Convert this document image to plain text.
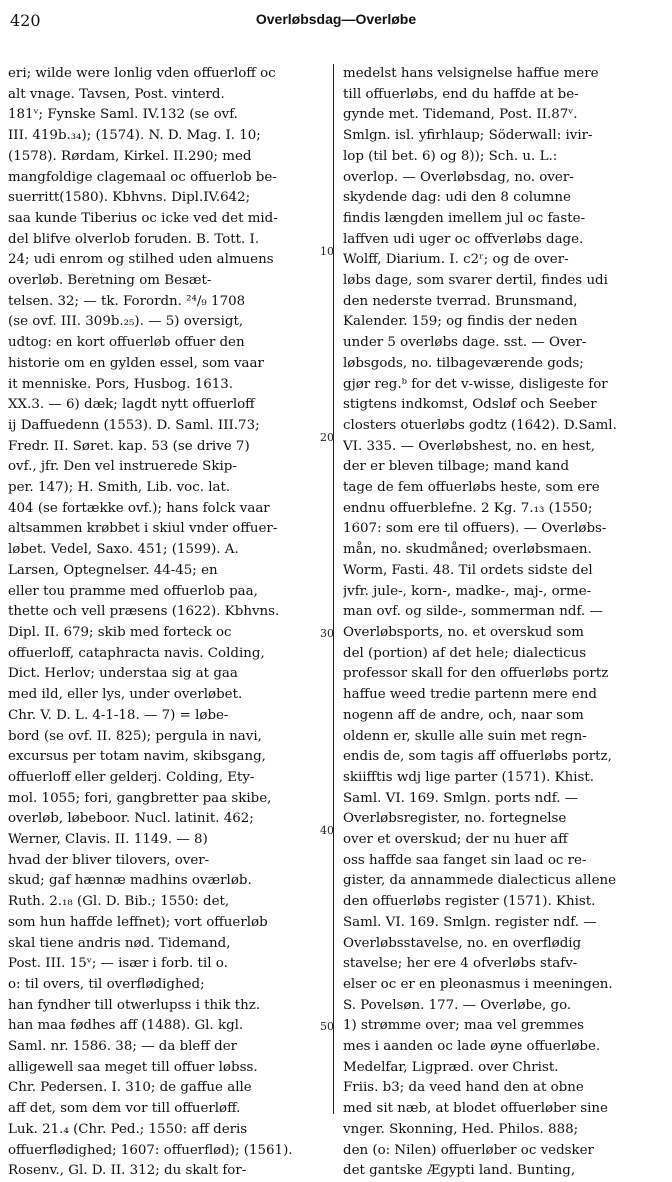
420	Overløbsdag—Overløbe
eri; wilde were lonlig vden offuerloff oc
alt vnage. Tavsen, Post. vinterd.
181ᵛ; Fynske Saml. IV.132 (se ovf.
III. 419b.₃₄); (1574). N. D. Mag. I. 10;
(1578). Rørdam, Kirkel. II.290; med
mangfoldige clagemaal oc offuerlob be-
suerritt(1580). Kbhvns. Dipl.IV.642;
saa kunde Tiberius oc icke ved det mid-
del blifve olverlob foruden. B. Tott. I.
24; udi enrom og stilhed uden almuens
overløb. Beretning om Besæt-
telsen. 32; — tk. Forordn. ²⁴/₉ 1708
(se ovf. III. 309b.₂₅). — 5) oversigt,
udtog: en kort offuerløb offuer den
historie om en gylden essel, som vaar
it menniske. Pors, Husbog. 1613.
XX.3. — 6) dæk; lagdt nytt offuerloff
ij Daffuedenn (1553). D. Saml. III.73;
Fredr. II. Søret. kap. 53 (se drive 7)
ovf., jfr. Den vel instruerede Skip-
per. 147); H. Smith, Lib. voc. lat.
404 (se fortække ovf.); hans folck vaar
altsammen krøbbet i skiul vnder offuer-
løbet. Vedel, Saxo. 451; (1599). A.
Larsen, Optegnelser. 44-45; en
eller tou pramme med offuerlob paa,
thette och vell præsens (1622). Kbhvns.
Dipl. II. 679; skib med forteck oc
offuerloff, cataphracta navis. Colding,
Dict. Herlov; understaa sig at gaa
med ild, eller lys, under overløbet.
Chr. V. D. L. 4-1-18. — 7) = løbe-
bord (se ovf. II. 825); pergula in navi,
excursus per totam navim, skibsgang,
offuerloff eller gelderj. Colding, Ety-
mol. 1055; fori, gangbretter paa skibe,
overløb, løbeboor. Nucl. latinit. 462;
Werner, Clavis. II. 1149. — 8)
hvad der bliver tilovers, over-
skud; gaf hænnæ madhins oværløb.
Ruth. 2.₁₈ (Gl. D. Bib.; 1550: det,
som hun haffde leffnet); vort offuerløb
skal tiene andris nød. Tidemand,
Post. III. 15ᵛ; — især i forb. til o.
o: til overs, til overflødighed;
han fyndher till otwerlupss i thik thz.
han maa fødhes aff (1488). Gl. kgl.
Saml. nr. 1586. 38; — da bleff der
alligewell saa meget till offuer løbss.
Chr. Pedersen. I. 310; de gaffue alle
aff det, som dem vor till offuerløff.
Luk. 21.₄ (Chr. Ped.; 1550: aff deris
offuerflødighed; 1607: offuerflød); (1561).
Rosenv., Gl. D. II. 312; du skalt for-
medelst hans velsignelse haffue mere
till offuerløbs, end du haffde at be-
gynde met. Tidemand, Post. II.87ᵛ.
Smlgn. isl. yfirhlaup; Söderwall: ivir-
lop (til bet. 6) og 8)); Sch. u. L.:
overlop. — Overløbsdag, no. over-
skydende dag: udi den 8 columne
findis længden imellem jul oc faste-
laffven udi uger oc offverløbs dage.
Wolff, Diarium. I. c2ʳ; og de over-
løbs dage, som svarer dertil, findes udi
den nederste tverrad. Brunsmand,
Kalender. 159; og findis der neden
under 5 overløbs dage. sst. — Over-
løbsgods, no. tilbageværende gods;
gjør reg.ᵇ for det v-wisse, disligeste for
stigtens indkomst, Odsløf och Seeber
closters otuerløbs godtz (1642). D.Saml.
VI. 335. — Overløbshest, no. en hest,
der er bleven tilbage; mand kand
tage de fem offuerløbs heste, som ere
endnu offuerblefne. 2 Kg. 7.₁₃ (1550;
1607: som ere til offuers). — Overløbs-
mån, no. skudmåned; overløbsmaen.
Worm, Fasti. 48. Til ordets sidste del
jvfr. jule-, korn-, madke-, maj-, orme-
man ovf. og silde-, sommerman ndf. —
Overløbsports, no. et overskud som
del (portion) af det hele; dialecticus
professor skall for den offuerløbs portz
haffue weed tredie partenn mere end
nogenn aff de andre, och, naar som
oldenn er, skulle alle suin met regn-
endis de, som tagis aff offuerløbs portz,
skiifftis wdj lige parter (1571). Khist.
Saml. VI. 169. Smlgn. ports ndf. —
Overløbsregister, no. fortegnelse
over et overskud; der nu huer aff
oss haffde saa fanget sin laad oc re-
gister, da annammede dialecticus allene
den offuerløbs register (1571). Khist.
Saml. VI. 169. Smlgn. register ndf. —
Overløbsstavelse, no. en overflødig
stavelse; her ere 4 ofverløbs stafv-
elser oc er en pleonasmus i meeningen.
S. Povelsøn. 177. — Overløbe, go.
1) strømme over; maa vel gremmes
mes i aanden oc lade øyne offuerløbe.
Medelfar, Ligpræd. over Christ.
Friis. b3; da veed hand den at obne
med sit næb, at blodet offuerløber sine
vnger. Skonning, Hed. Philos. 888;
den (o: Nilen) offuerløber oc vedsker
det gantske Ægypti land. Bunting,
10
20
30
40
50
